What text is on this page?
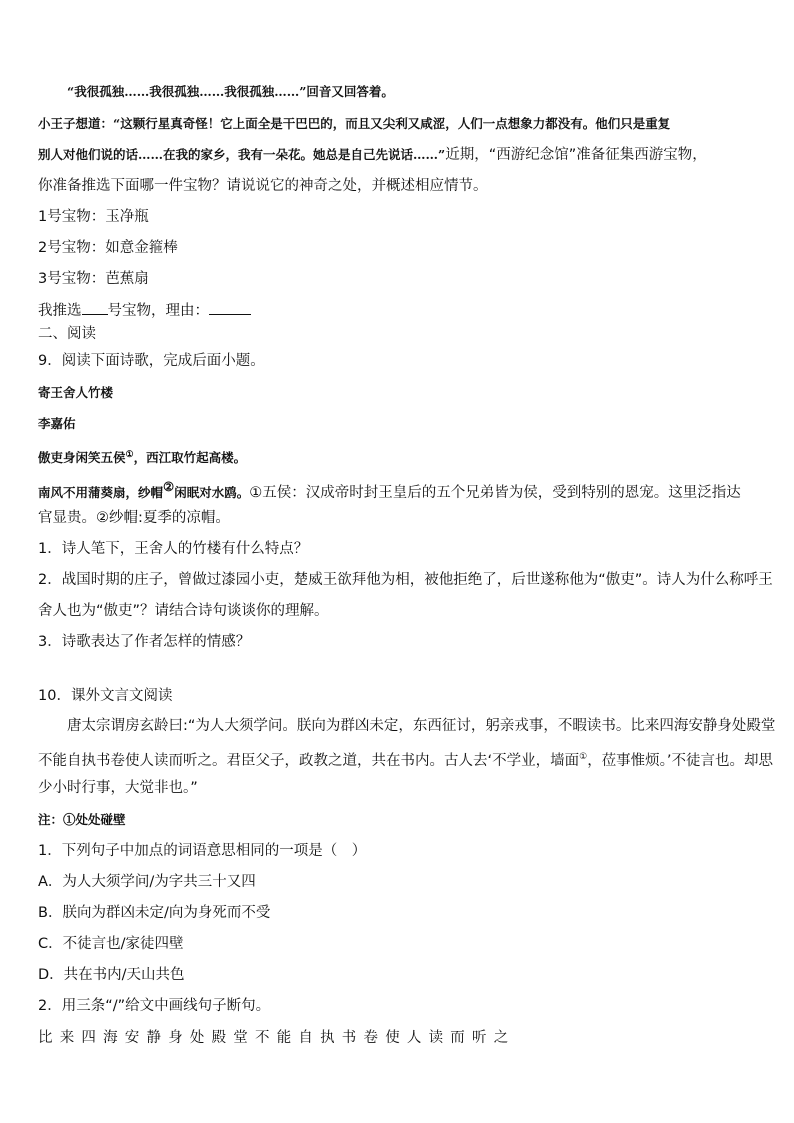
“我很孤独……我很孤独……我很孤独……”回音又回答着。
小王子想道：“这颗行星真奇怪！它上面全是干巴巴的，而且又尖利又咸涩，人们一点想象力都没有。他们只是重复
别人对他们说的话……在我的家乡，我有一朵花。她总是自己先说话……”近期，“西游纪念馆”准备征集西游宝物，
你准备推选下面哪一件宝物？请说说它的神奇之处，并概述相应情节。
1号宝物：玉净瓶
2号宝物：如意金箍棒
3号宝物：芭蕉扇
我推选 号宝物，理由：
二、阅读
9．阅读下面诗歌，完成后面小题。
寄王舍人竹楼
李嘉佑
傲吏身闲笑五侯①，西江取竹起高楼。
南风不用蒲葵扇，纱帽②闲眠对水鸥。①五侯：汉成帝时封王皇后的五个兄弟皆为侯，受到特别的恩宠。这里泛指达
官显贵。②纱帽:夏季的凉帽。
1．诗人笔下，王舍人的竹楼有什么特点？
2．战国时期的庄子，曾做过漆园小吏，楚威王欲拜他为相，被他拒绝了，后世遂称他为“傲吏”。诗人为什么称呼王
舍人也为“傲吏”？请结合诗句谈谈你的理解。
3．诗歌表达了作者怎样的情感？
10．课外文言文阅读
唐太宗谓房玄龄曰:“为人大须学问。朕向为群凶未定，东西征讨，躬亲戎事，不暇读书。比来四海安静身处殿堂
不能自执书卷使人读而听之。君臣父子，政教之道，共在书内。古人去‘不学业，墙面①，莅事惟烦。’不徒言也。却思
少小时行事，大觉非也。”
注：①处处碰壁
1．下列句子中加点的词语意思相同的一项是（　）
A．为人大须学问/为字共三十又四
B．朕向为群凶未定/向为身死而不受
C．不徒言也/家徒四壁
D．共在书内/天山共色
2．用三条“/”给文中画线句子断句。
比来四海安静身处殿堂不能自执书卷使人读而听之
